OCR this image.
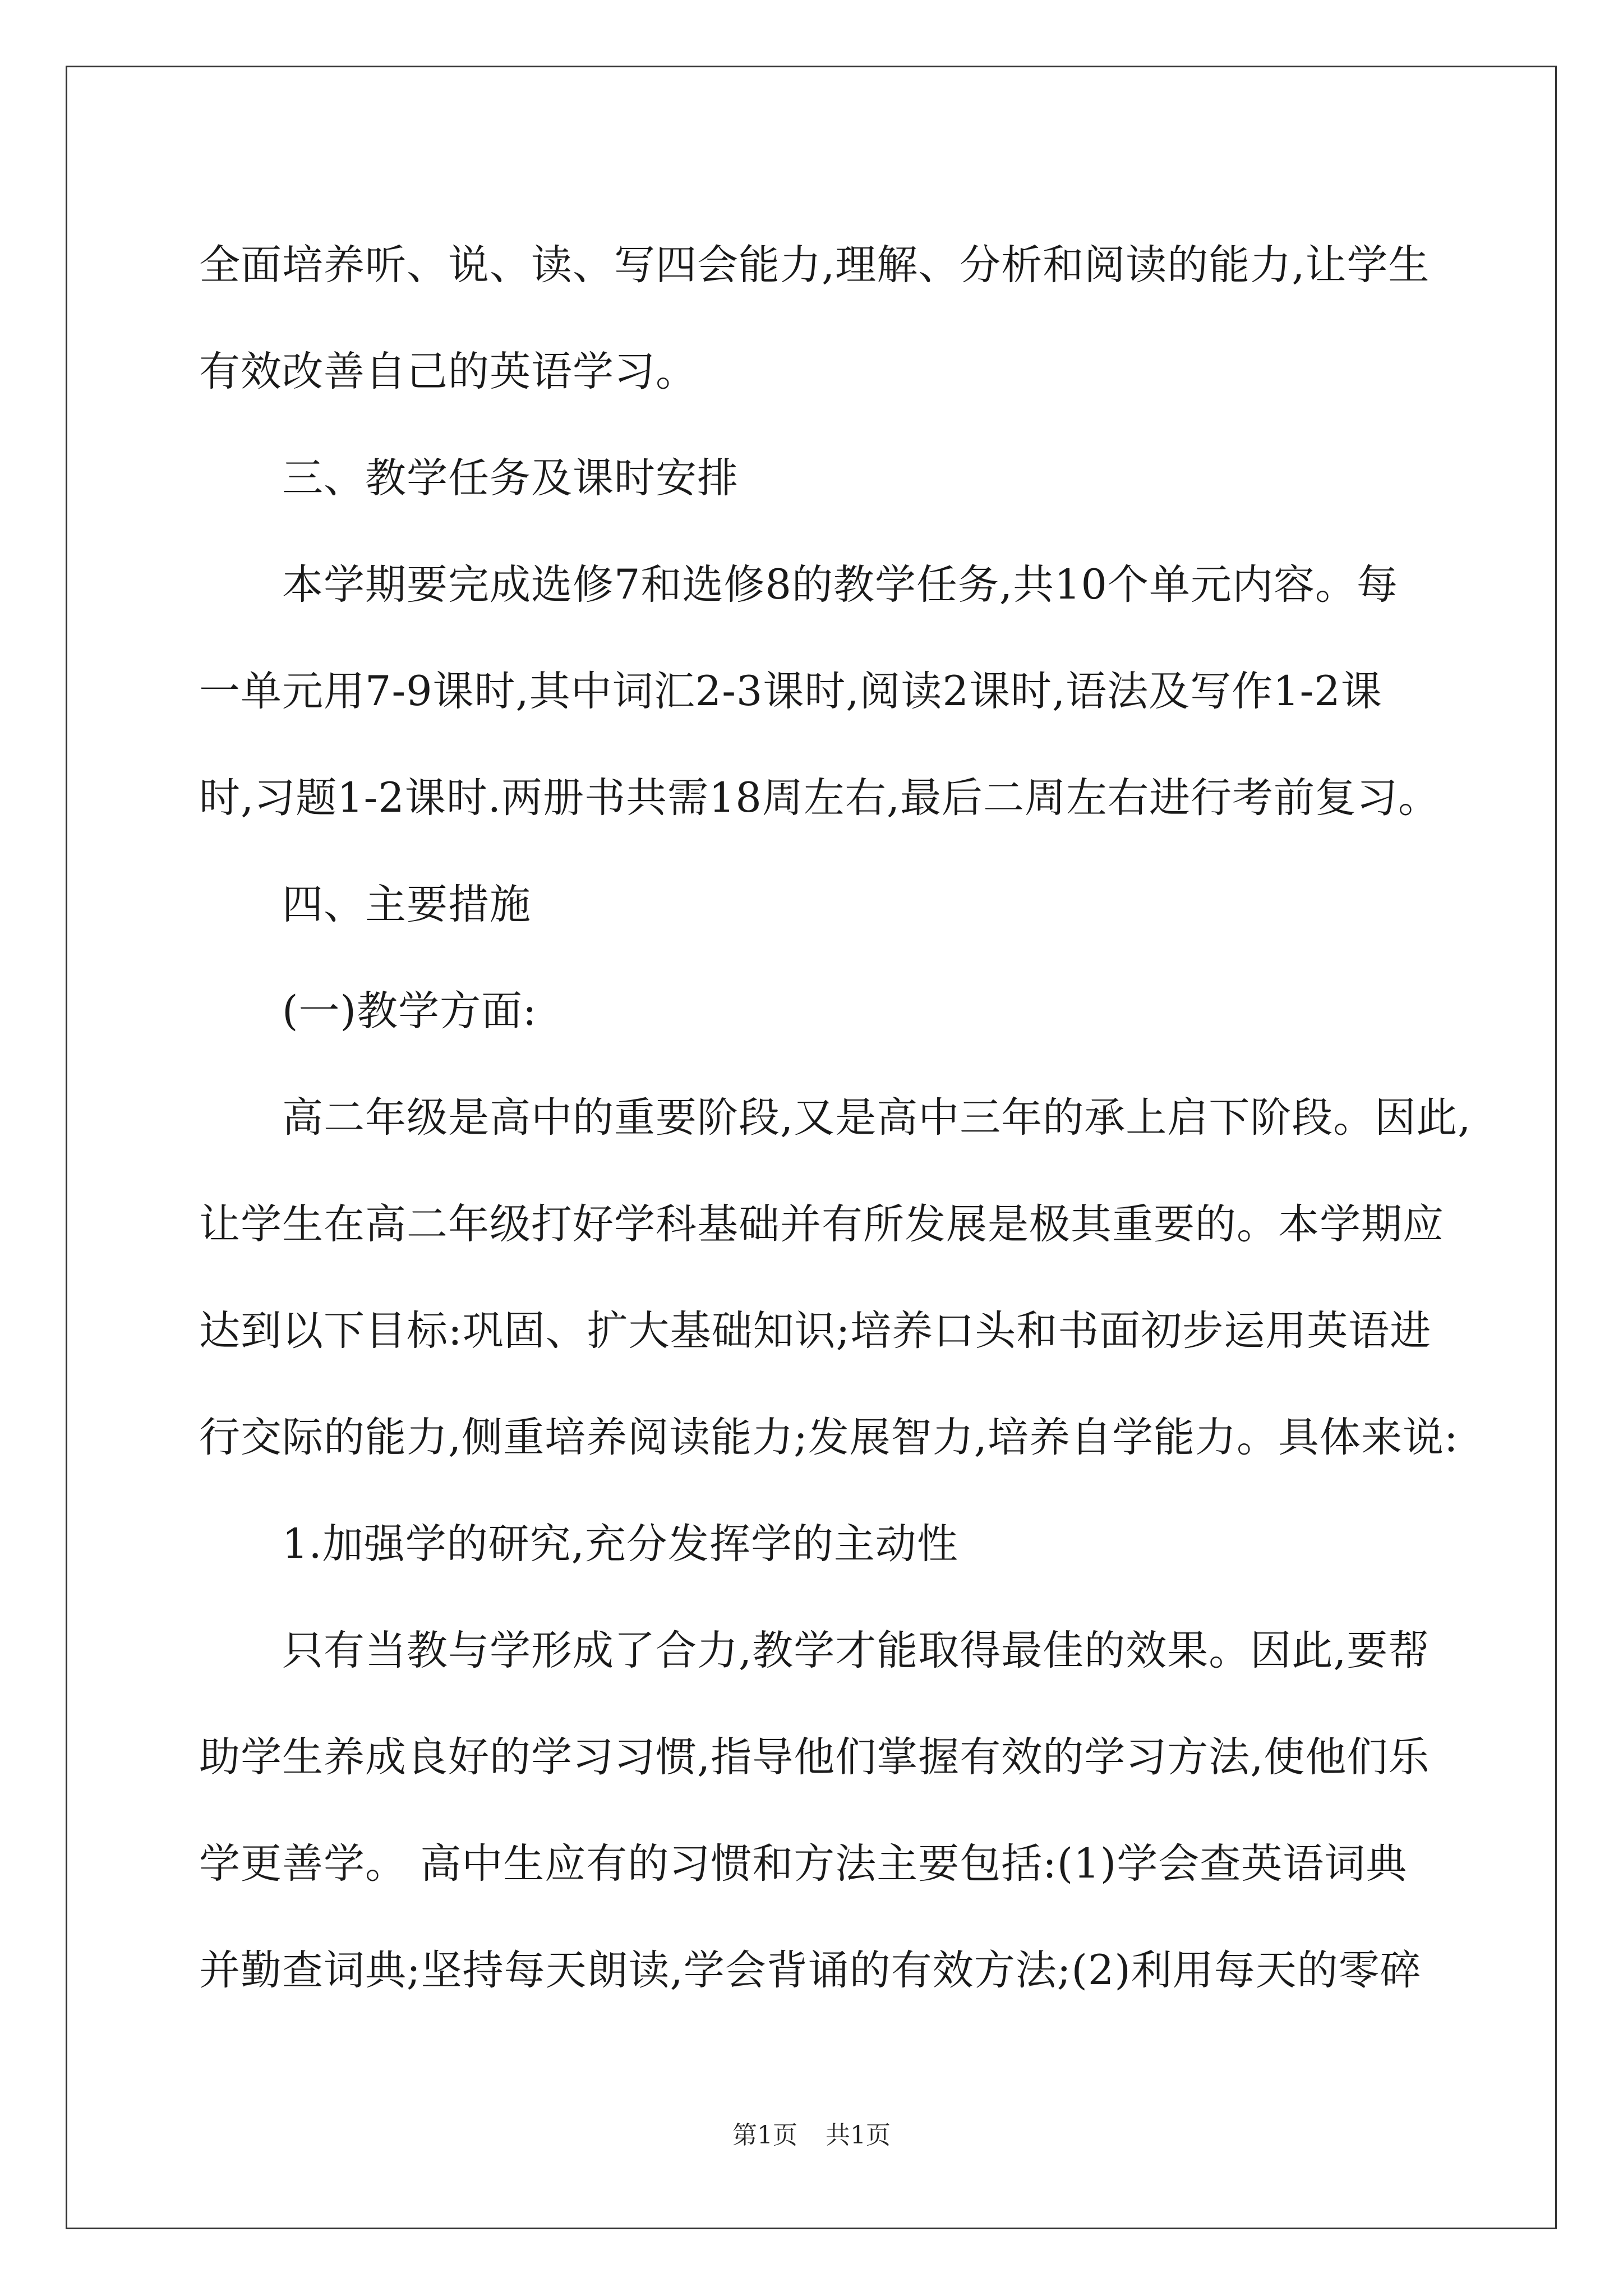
全面培养听、说、读、写四会能力,理解、分析和阅读的能力,让学生
有效改善自己的英语学习。
　　三、教学任务及课时安排
　　本学期要完成选修7和选修8的教学任务,共10个单元内容。每
一单元用7-9课时,其中词汇2-3课时,阅读2课时,语法及写作1-2课
时,习题1-2课时.两册书共需18周左右,最后二周左右进行考前复习。
　　四、主要措施
　　(一)教学方面:
　　高二年级是高中的重要阶段,又是高中三年的承上启下阶段。因此,
让学生在高二年级打好学科基础并有所发展是极其重要的。本学期应
达到以下目标:巩固、扩大基础知识;培养口头和书面初步运用英语进
行交际的能力,侧重培养阅读能力;发展智力,培养自学能力。具体来说:
　　1.加强学的研究,充分发挥学的主动性
　　只有当教与学形成了合力,教学才能取得最佳的效果。因此,要帮
助学生养成良好的学习习惯,指导他们掌握有效的学习方法,使他们乐
学更善学。 高中生应有的习惯和方法主要包括:(1)学会查英语词典
并勤查词典;坚持每天朗读,学会背诵的有效方法;(2)利用每天的零碎
第1页 共1页
